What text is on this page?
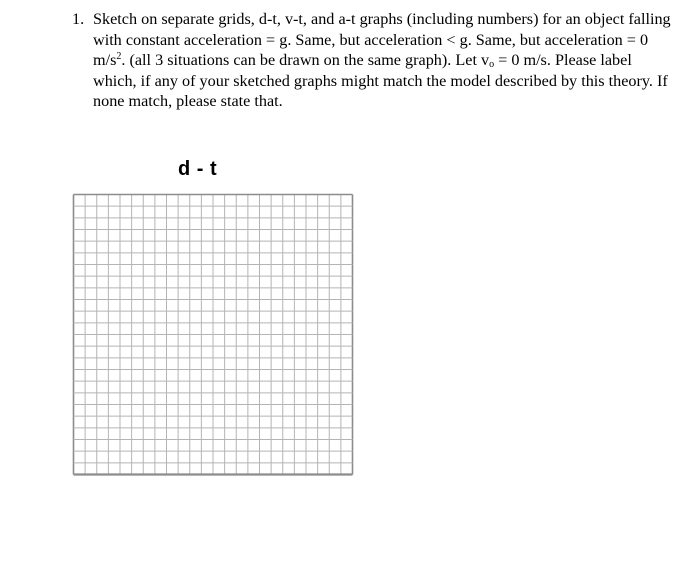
1. Sketch on separate grids, d-t, v-t, and a-t graphs (including numbers) for an object falling with constant acceleration = g. Same, but acceleration < g. Same, but acceleration = 0 $m/s^2$. (all 3 situations can be drawn on the same graph). Let $v_o = 0$ m/s. Please label which, if any of your sketched graphs might match the model described by this theory. If none match, please state that.
d - t
